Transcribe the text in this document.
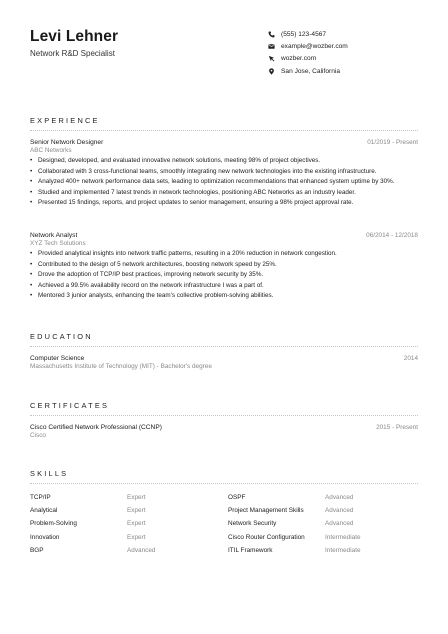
Levi Lehner
Network R&D Specialist
(555) 123-4567
example@wozber.com
wozber.com
San Jose, California
EXPERIENCE
Senior Network Designer	01/2019 - Present
ABC Networks
• Designed, developed, and evaluated innovative network solutions, meeting 98% of project objectives.
• Collaborated with 3 cross-functional teams, smoothly integrating new network technologies into the existing infrastructure.
• Analyzed 400+ network performance data sets, leading to optimization recommendations that enhanced system uptime by 30%.
• Studied and implemented 7 latest trends in network technologies, positioning ABC Networks as an industry leader.
• Presented 15 findings, reports, and project updates to senior management, ensuring a 98% project approval rate.
Network Analyst	06/2014 - 12/2018
XYZ Tech Solutions
• Provided analytical insights into network traffic patterns, resulting in a 20% reduction in network congestion.
• Contributed to the design of 5 network architectures, boosting network speed by 25%.
• Drove the adoption of TCP/IP best practices, improving network security by 35%.
• Achieved a 99.5% availability record on the network infrastructure I was a part of.
• Mentored 3 junior analysts, enhancing the team's collective problem-solving abilities.
EDUCATION
Computer Science	2014
Massachusetts Institute of Technology (MIT) - Bachelor's degree
CERTIFICATES
Cisco Certified Network Professional (CCNP)	2015 - Present
Cisco
SKILLS
TCP/IP	Expert	OSPF	Advanced
Analytical	Expert	Project Management Skills	Advanced
Problem-Solving	Expert	Network Security	Advanced
Innovation	Expert	Cisco Router Configuration	Intermediate
BGP	Advanced	ITIL Framework	Intermediate
